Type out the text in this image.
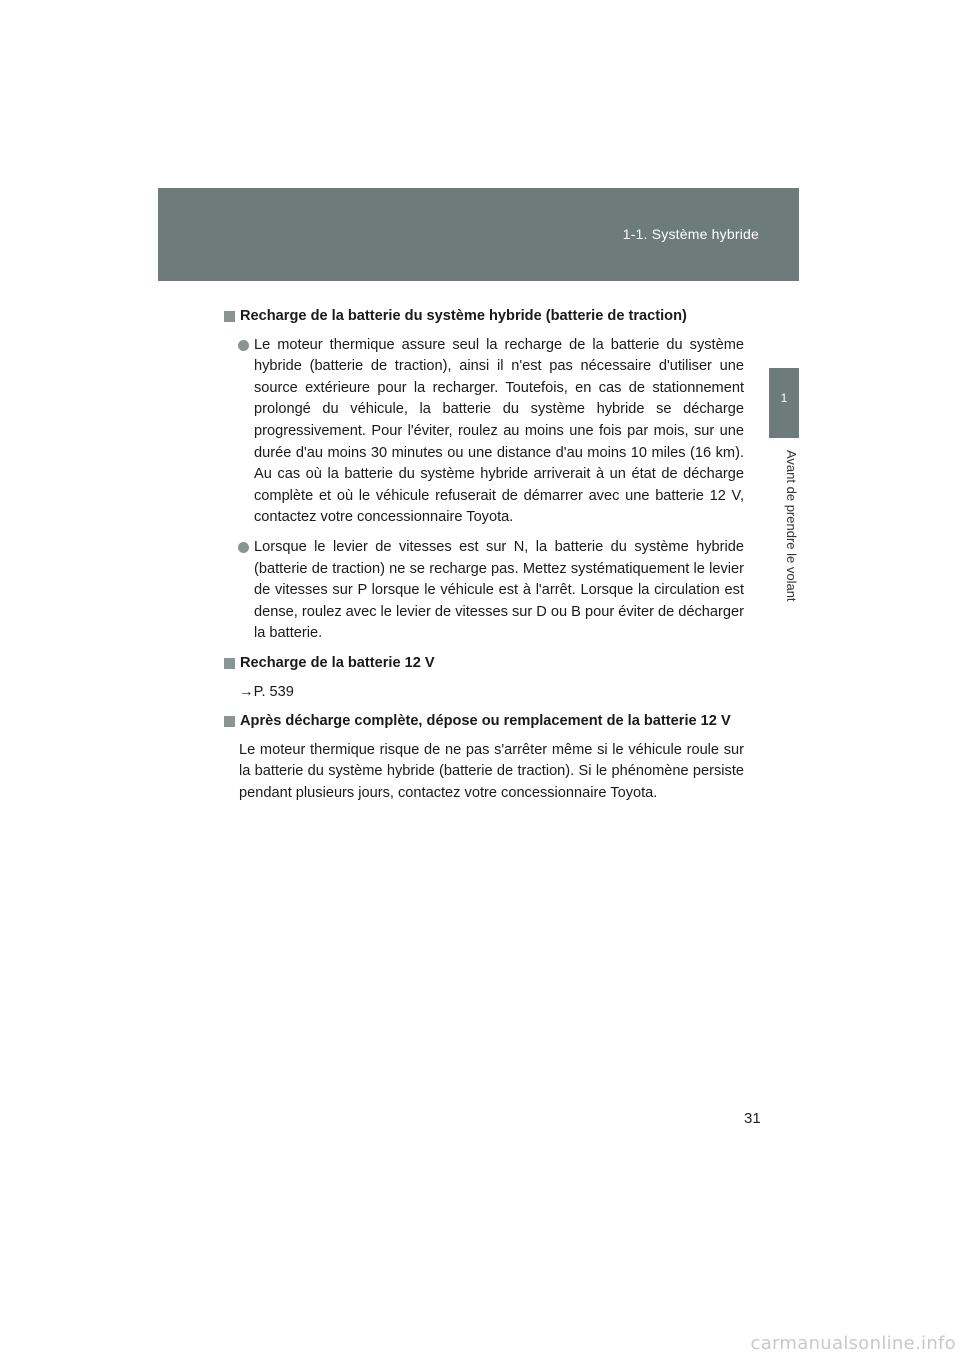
1-1. Système hybride
1
Avant de prendre le volant
Recharge de la batterie du système hybride (batterie de traction)
Le moteur thermique assure seul la recharge de la batterie du système hybride (batterie de traction), ainsi il n'est pas nécessaire d'utiliser une source extérieure pour la recharger. Toutefois, en cas de stationnement prolongé du véhicule, la batterie du système hybride se décharge progressivement. Pour l'éviter, roulez au moins une fois par mois, sur une durée d'au moins 30 minutes ou une distance d'au moins 10 miles (16 km). Au cas où la batterie du système hybride arriverait à un état de décharge complète et où le véhicule refuserait de démarrer avec une batterie 12 V, contactez votre concessionnaire Toyota.
Lorsque le levier de vitesses est sur N, la batterie du système hybride (batterie de traction) ne se recharge pas. Mettez systématiquement le levier de vitesses sur P lorsque le véhicule est à l'arrêt. Lorsque la circulation est dense, roulez avec le levier de vitesses sur D ou B pour éviter de décharger la batterie.
Recharge de la batterie 12 V
→P. 539
Après décharge complète, dépose ou remplacement de la batterie 12 V
Le moteur thermique risque de ne pas s'arrêter même si le véhicule roule sur la batterie du système hybride (batterie de traction). Si le phénomène persiste pendant plusieurs jours, contactez votre concessionnaire Toyota.
31
carmanualsonline.info
